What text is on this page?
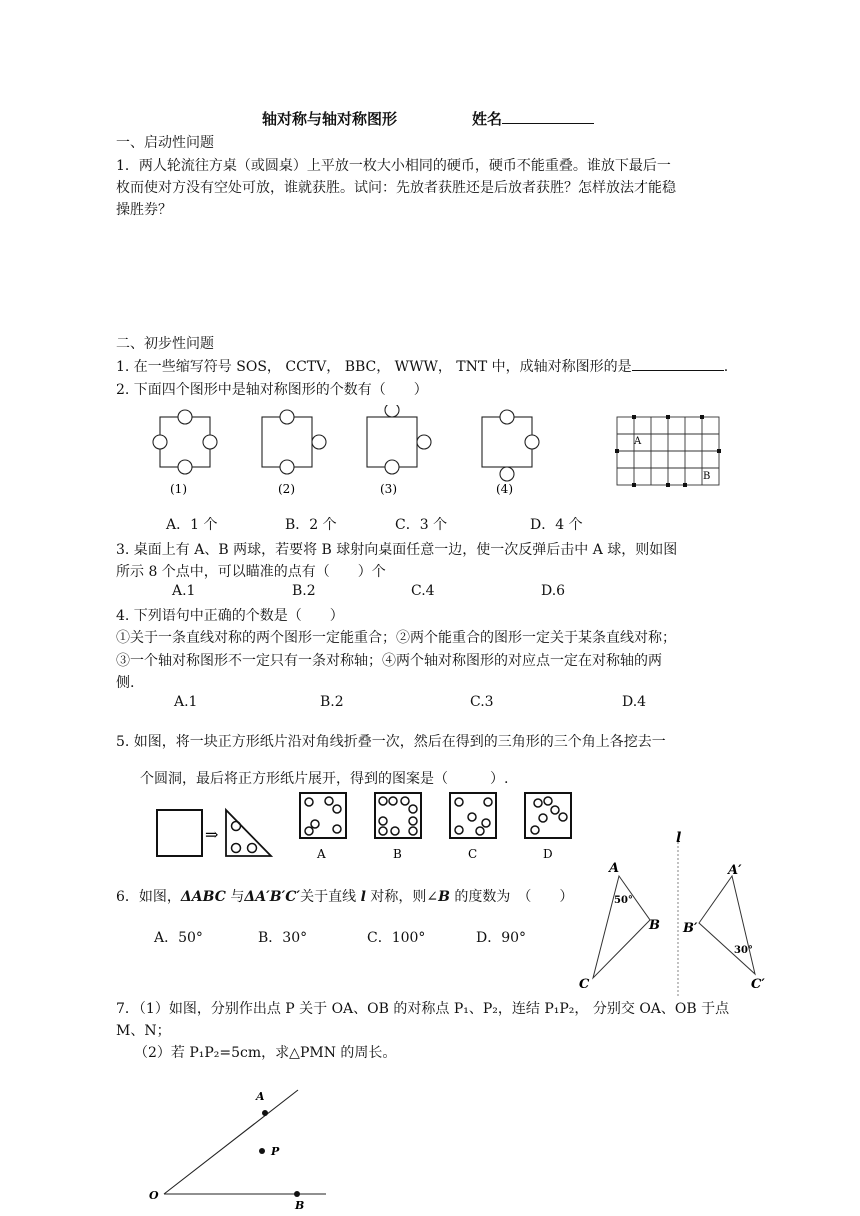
轴对称与轴对称图形	姓名
一、启动性问题
1．两人轮流往方桌（或圆桌）上平放一枚大小相同的硬币，硬币不能重叠。谁放下最后一
枚而使对方没有空处可放，谁就获胜。试问：先放者获胜还是后放者获胜？怎样放法才能稳
操胜券？
二、初步性问题
1. 在一些缩写符号 SOS， CCTV， BBC， WWW， TNT 中，成轴对称图形的是	.
2. 下面四个图形中是轴对称图形的个数有（　　）
(1)	(2)	(3)	(4)
A
B
A．1 个	B．2 个	C．3 个	D．4 个
3. 桌面上有 A、B 两球，若要将 B 球射向桌面任意一边，使一次反弹后击中 A 球，则如图
所示 8 个点中，可以瞄准的点有（　　）个
A.1	B.2	C.4	D.6
4. 下列语句中正确的个数是（　　）
①关于一条直线对称的两个图形一定能重合；②两个能重合的图形一定关于某条直线对称；
③一个轴对称图形不一定只有一条对称轴；④两个轴对称图形的对应点一定在对称轴的两
侧.
A.1	B.2	C.3	D.4
5. 如图，将一块正方形纸片沿对角线折叠一次，然后在得到的三角形的三个角上各挖去一
个圆洞，最后将正方形纸片展开，得到的图案是（　　　）.
⇒
A	B	C	D
6．如图，ΔABC 与ΔA′B′C′关于直线 l 对称，则∠B 的度数为　（　　）
A．50°	B．30°	C．100°	D．90°
l
A
B
C
50°
A′
B′
C′
30°
7．（1）如图，分别作出点 P 关于 OA、OB 的对称点 P₁、P₂，连结 P₁P₂， 分别交 OA、OB 于点
M、N；
（2）若 P₁P₂=5cm，求△PMN 的周长。
O
A
P
B
